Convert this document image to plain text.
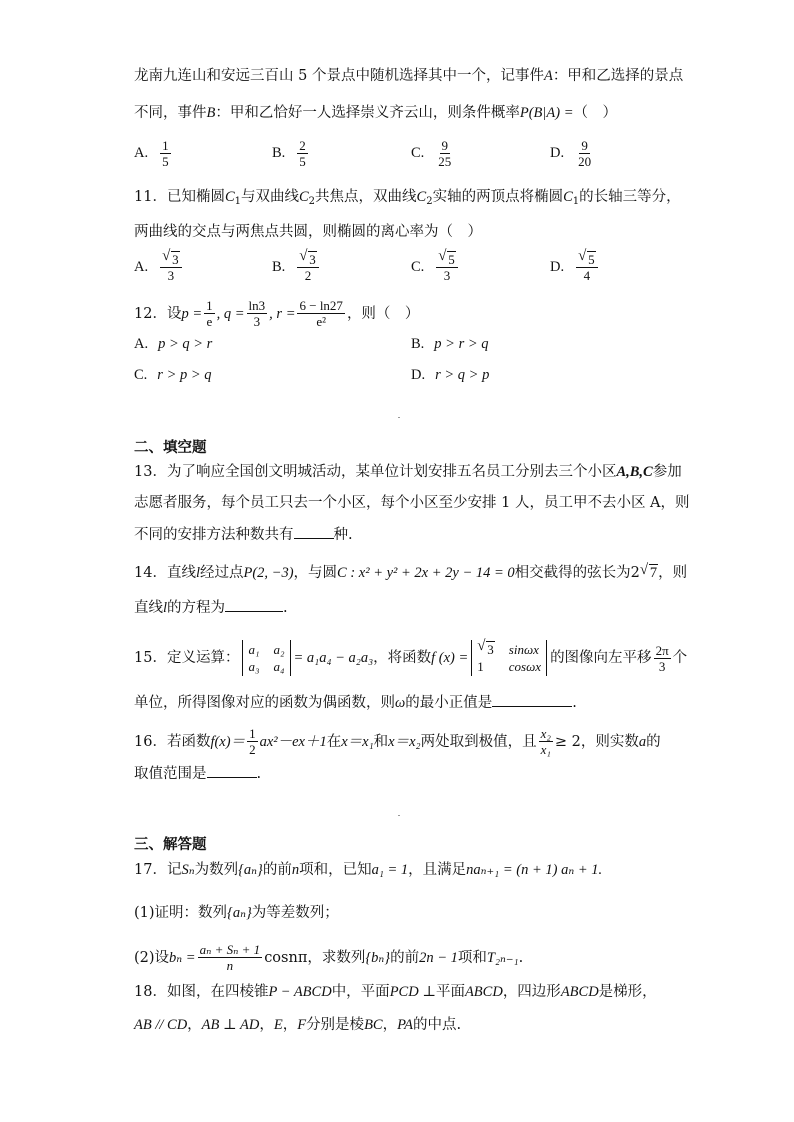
龙南九连山和安远三百山 5 个景点中随机选择其中一个，记事件A：甲和乙选择的景点
不同，事件B：甲和乙恰好一人选择崇义齐云山，则条件概率P(B|A) =（　）
A. $\frac{1}{5}$	B. $\frac{2}{5}$	C. $\frac{9}{25}$	D. $\frac{9}{20}$
11．已知椭圆$C_1$与双曲线$C_2$共焦点，双曲线$C_2$实轴的两顶点将椭圆$C_1$的长轴三等分，
两曲线的交点与两焦点共圆，则椭圆的离心率为（　）
A. $\frac{√ 3}{3}$	B. $\frac{√ 3}{2}$	C. $\frac{√ 5}{3}$	D. $\frac{√ 5}{4}$
12．设 $p = \frac{1}{e}$ , $q = \frac{\ln 3}{3}$ , $r = \frac{6 - \ln 27}{\text{e²}}$ ，则（　）
A. p > q > r	B. p > r > q
C. r > p > q	D. r > q > p
二、填空题
13．为了响应全国创文明城活动，某单位计划安排五名员工分别去三个小区A,B,C参加
志愿者服务，每个员工只去一个小区，每个小区至少安排 1 人，员工甲不去小区 A，则
不同的安排方法种数共有	种.
14．直线l经过点P(2, −3)，与圆C : x² + y² + 2x + 2y − 14 = 0相交截得的弦长为2 √ 7，则
直线l的方程为	.
15．定义运算：
a₁ a₂
a₃ a₄
= a₁a₄ − a₂a₃ ，将函数 f (x) =
√ 3 sinωx
1	cosωx
的图像向左平移 $\frac{2\pi}{3}$ 个
单位，所得图像对应的函数为偶函数，则ω的最小正值是	.
16．若函数 $f(x)= \frac{1}{2} ax^2-ex+1$ 在 x＝x₁ 和 x＝x₂ 两处取到极值，且 $\frac{\text{x₂}}{\text{x₁}} \ge 2$ ，则实数 a 的
取值范围是	.
三、解答题
17．记Sₙ为数列{aₙ}的前n项和，已知a₁ = 1，且满足naₙ₊₁ = (n + 1) aₙ + 1.
(1)证明：数列{aₙ}为等差数列；
(2)设 $b_n = \frac{\text{aₙ + Sₙ + 1}}{n}$ cosnπ ，求数列 {bₙ} 的前 2n − 1 项和 T₂ₙ₋₁ .
18．如图，在四棱锥P − ABCD中，平面PCD ⊥平面ABCD，四边形ABCD是梯形，
AB // CD，AB ⊥ AD，E，F分别是棱BC，PA的中点.
